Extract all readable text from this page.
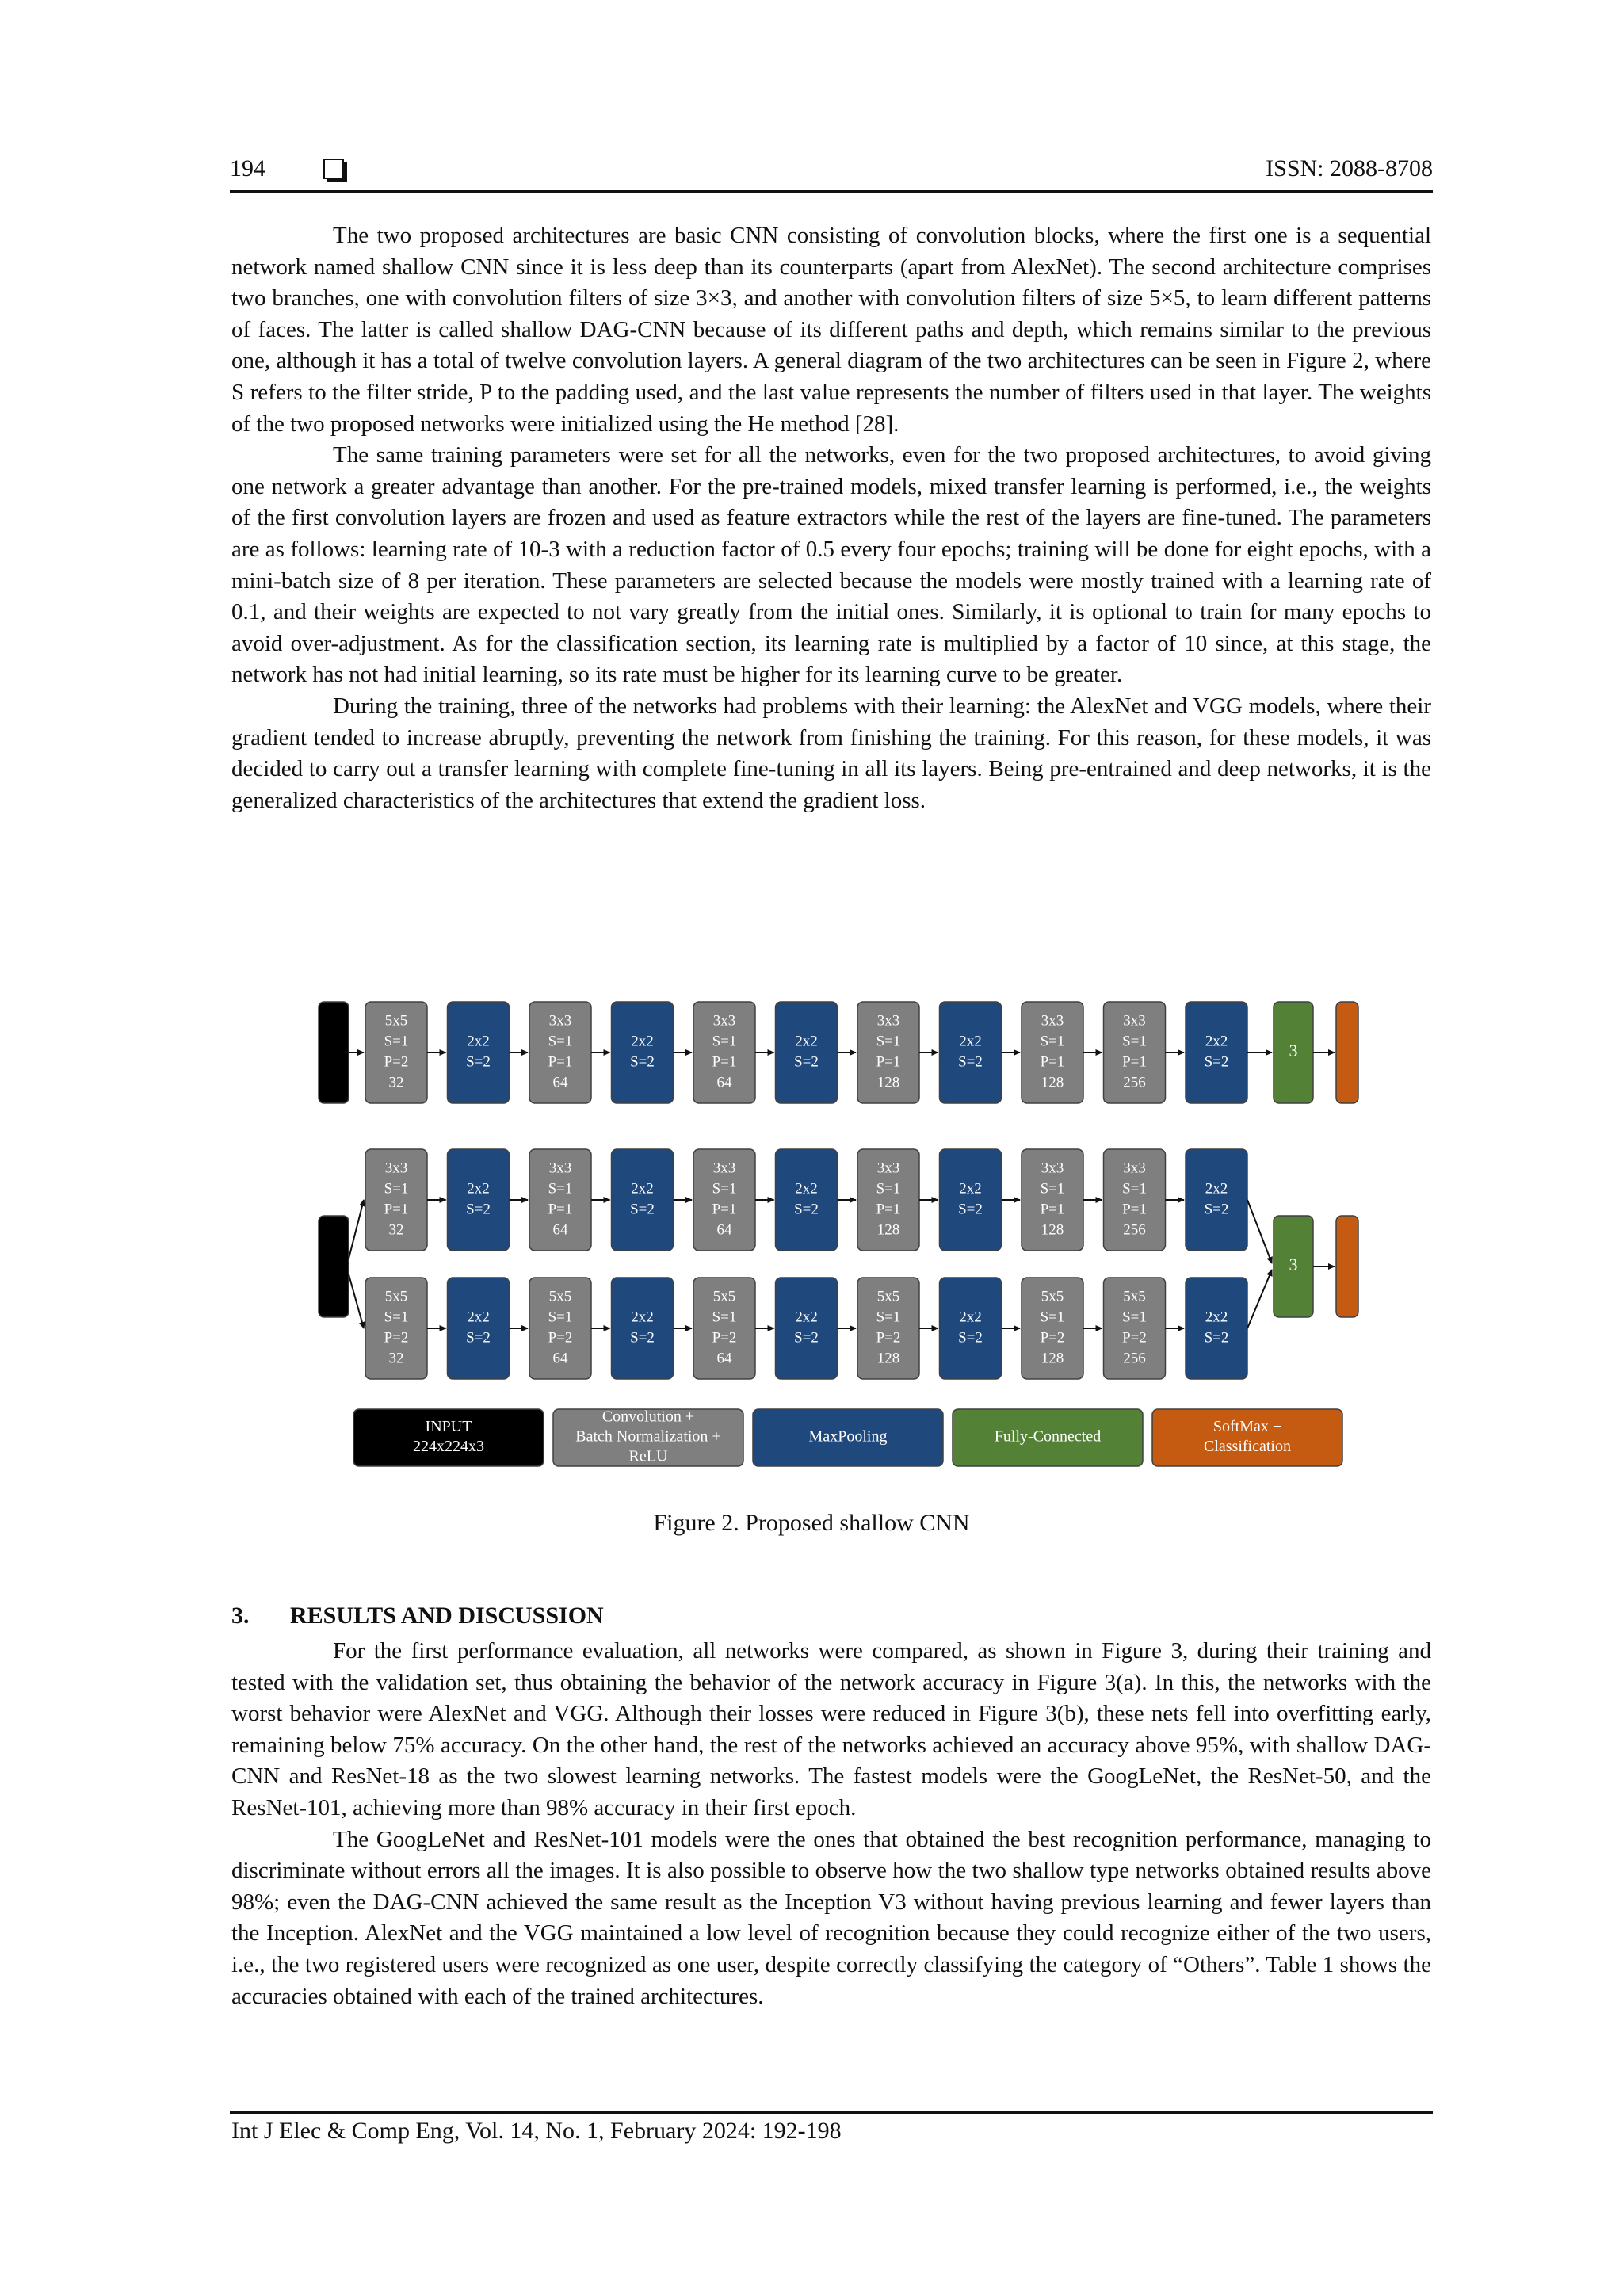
194	ISSN: 2088-8708

The two proposed architectures are basic CNN consisting of convolution blocks, where the first one is a sequential network named shallow CNN since it is less deep than its counterparts (apart from AlexNet). The second architecture comprises two branches, one with convolution filters of size 3×3, and another with convolution filters of size 5×5, to learn different patterns of faces. The latter is called shallow DAG-CNN because of its different paths and depth, which remains similar to the previous one, although it has a total of twelve convolution layers. A general diagram of the two architectures can be seen in Figure 2, where S refers to the filter stride, P to the padding used, and the last value represents the number of filters used in that layer. The weights of the two proposed networks were initialized using the He method [28].

The same training parameters were set for all the networks, even for the two proposed architectures, to avoid giving one network a greater advantage than another. For the pre-trained models, mixed transfer learning is performed, i.e., the weights of the first convolution layers are frozen and used as feature extractors while the rest of the layers are fine-tuned. The parameters are as follows: learning rate of 10-3 with a reduction factor of 0.5 every four epochs; training will be done for eight epochs, with a mini-batch size of 8 per iteration. These parameters are selected because the models were mostly trained with a learning rate of 0.1, and their weights are expected to not vary greatly from the initial ones. Similarly, it is optional to train for many epochs to avoid over-adjustment. As for the classification section, its learning rate is multiplied by a factor of 10 since, at this stage, the network has not had initial learning, so its rate must be higher for its learning curve to be greater.

During the training, three of the networks had problems with their learning: the AlexNet and VGG models, where their gradient tended to increase abruptly, preventing the network from finishing the training. For this reason, for these models, it was decided to carry out a transfer learning with complete fine-tuning in all its layers. Being pre-entrained and deep networks, it is the generalized characteristics of the architectures that extend the gradient loss.

5x5
S=1
P=2
32
2x2
S=2
3x3
S=1
P=1
64
2x2
S=2
3x3
S=1
P=1
64
2x2
S=2
3x3
S=1
P=1
128
2x2
S=2
3x3
S=1
P=1
128
3x3
S=1
P=1
256
2x2
S=2
3
3x3
S=1
P=1
32
2x2
S=2
3x3
S=1
P=1
64
2x2
S=2
3x3
S=1
P=1
64
2x2
S=2
3x3
S=1
P=1
128
2x2
S=2
3x3
S=1
P=1
128
3x3
S=1
P=1
256
2x2
S=2
5x5
S=1
P=2
32
2x2
S=2
5x5
S=1
P=2
64
2x2
S=2
5x5
S=1
P=2
64
2x2
S=2
5x5
S=1
P=2
128
2x2
S=2
5x5
S=1
P=2
128
5x5
S=1
P=2
256
2x2
S=2
3
INPUT
224x224x3
Convolution +
Batch Normalization +
ReLU
MaxPooling	Fully-Connected
SoftMax +
Classification
Figure 2. Proposed shallow CNN
3. RESULTS AND DISCUSSION

For the first performance evaluation, all networks were compared, as shown in Figure 3, during their training and tested with the validation set, thus obtaining the behavior of the network accuracy in Figure 3(a). In this, the networks with the worst behavior were AlexNet and VGG. Although their losses were reduced in Figure 3(b), these nets fell into overfitting early, remaining below 75% accuracy. On the other hand, the rest of the networks achieved an accuracy above 95%, with shallow DAG-CNN and ResNet-18 as the two slowest learning networks. The fastest models were the GoogLeNet, the ResNet-50, and the ResNet-101, achieving more than 98% accuracy in their first epoch.

The GoogLeNet and ResNet-101 models were the ones that obtained the best recognition performance, managing to discriminate without errors all the images. It is also possible to observe how the two shallow type networks obtained results above 98%; even the DAG-CNN achieved the same result as the Inception V3 without having previous learning and fewer layers than the Inception. AlexNet and the VGG maintained a low level of recognition because they could recognize either of the two users, i.e., the two registered users were recognized as one user, despite correctly classifying the category of “Others”. Table 1 shows the accuracies obtained with each of the trained architectures.

Int J Elec & Comp Eng, Vol. 14, No. 1, February 2024: 192-198
